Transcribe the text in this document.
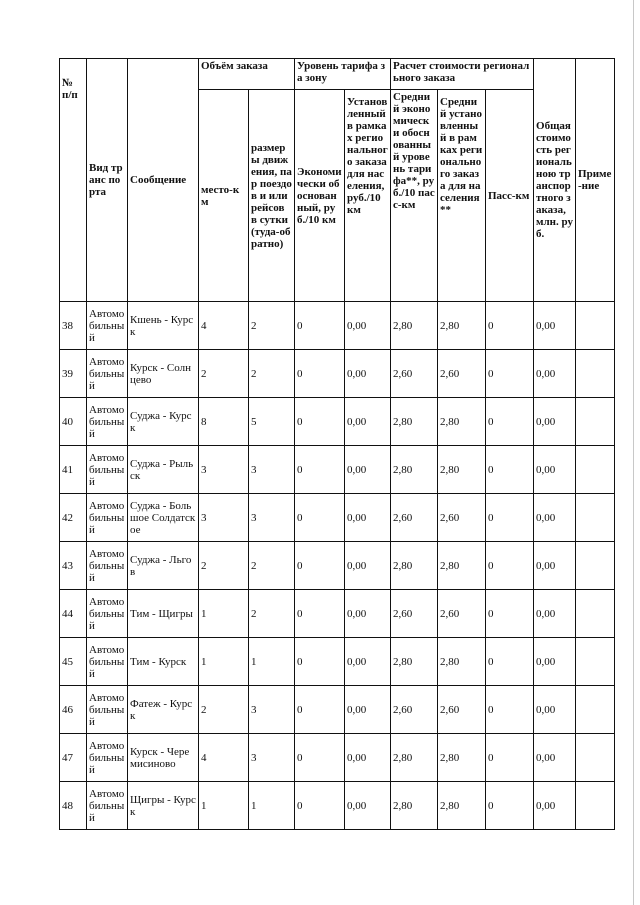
№ п/п	Вид транс порта	Сообщение	Объём заказа		Уровень тарифа за зону		Расчет стоимости регионального заказа			Общая стоимость региональною транспортного заказа, млн. руб.	Приме-ние
			место-км	размеры движения, пар поездов и или рейсов в сутки (туда-обратно)	Экономически обоснованный, руб./10 км	Установленный в рамках регионального заказа для населения, руб./10 км	Средний экономически обоснованный уровень тарифа**, руб./10 пасс-км	Средний установленный в рамках регионального заказа для населения**	Пасс-км		
38	Автомобильный	Кшень - Курск	4	2	0	0,00	2,80	2,80	0	0,00	
39	Автомобильный	Курск - Солнцево	2	2	0	0,00	2,60	2,60	0	0,00	
40	Автомобильный	Суджа - Курск	8	5	0	0,00	2,80	2,80	0	0,00	
41	Автомобильный	Суджа - Рыльск	3	3	0	0,00	2,80	2,80	0	0,00	
42	Автомобильный	Суджа - Большое Солдатское	3	3	0	0,00	2,60	2,60	0	0,00	
43	Автомобильный	Суджа - Льгов	2	2	0	0,00	2,80	2,80	0	0,00	
44	Автомобильный	Тим - Щигры	1	2	0	0,00	2,60	2,60	0	0,00	
45	Автомобильный	Тим - Курск	1	1	0	0,00	2,80	2,80	0	0,00	
46	Автомобильный	Фатеж - Курск	2	3	0	0,00	2,60	2,60	0	0,00	
47	Автомобильный	Курск - Черемисиново	4	3	0	0,00	2,80	2,80	0	0,00	
48	Автомобильный	Щигры - Курск	1	1	0	0,00	2,80	2,80	0	0,00	
